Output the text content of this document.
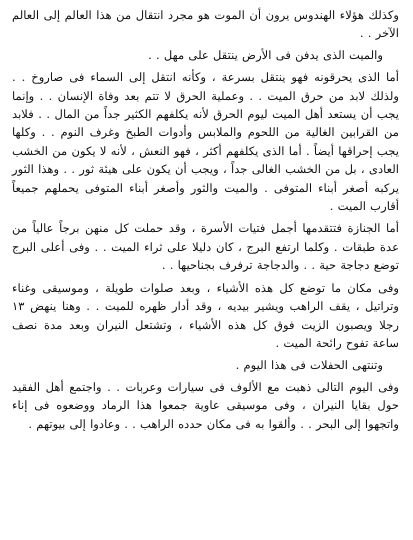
وكذلك هؤلاء الهندوس يرون أن الموت هو مجرد انتقال من هذا العالم إلى العالم الآخر . .

والميت الذى يدفن فى الأرض ينتقل على مهل . .

أما الذى يحرقونه فهو ينتقل بسرعة ، وكأنه انتقل إلى السماء فى صاروخ . . ولذلك لابد من حرق الميت . . وعملية الحرق لا تتم بعد وفاة الإنسان . . وإنما يجب أن يستعد أهل الميت ليوم الحرق لأنه يكلفهم الكثير جداً من المال . . فلابد من القرابين الغالية من اللحوم والملابس وأدوات الطبخ وغرف النوم . . وكلها يجب إحراقها أيضاً . أما الذى يكلفهم أكثر ، فهو النعش ، لأنه لا يكون من الخشب العادى ، بل من الخشب الغالى جداً ، ويجب أن يكون على هيئة ثور . . وهذا الثور يركبه أصغر أبناء المتوفى . والميت والثور وأصغر أبناء المتوفى يحملهم جميعاً أقارب الميت .

أما الجنازة فتتقدمها أجمل فتيات الأسرة ، وقد حملت كل منهن برجاً عالياً من عدة طبقات . وكلما ارتفع البرج ، كان دليلا على ثراء الميت . . وفى أعلى البرج توضع دجاجة حية . . والدجاجة ترفرف بجناحيها . .

وفى مكان ما توضع كل هذه الأشياء ، وبعد صلوات طويلة ، وموسيقى وغناء وتراتيل ، يقف الراهب ويشير بيديه ، وقد أدار ظهره للميت . . وهنا ينهض ١٣ رجلا ويصبون الزيت فوق كل هذه الأشياء ، وتشتعل النيران وبعد مدة نصف ساعة تفوح رائحة الميت .

وتنتهى الحفلات فى هذا اليوم .

وفى اليوم التالى ذهبت مع الألوف فى سيارات وعربات . . واجتمع أهل الفقيد حول بقايا النيران ، وفى موسيقى عاوية جمعوا هذا الرماد ووضعوه فى إناء واتجهوا إلى البحر . . وألقوا به فى مكان حدده الراهب . . وعادوا إلى بيوتهم .
